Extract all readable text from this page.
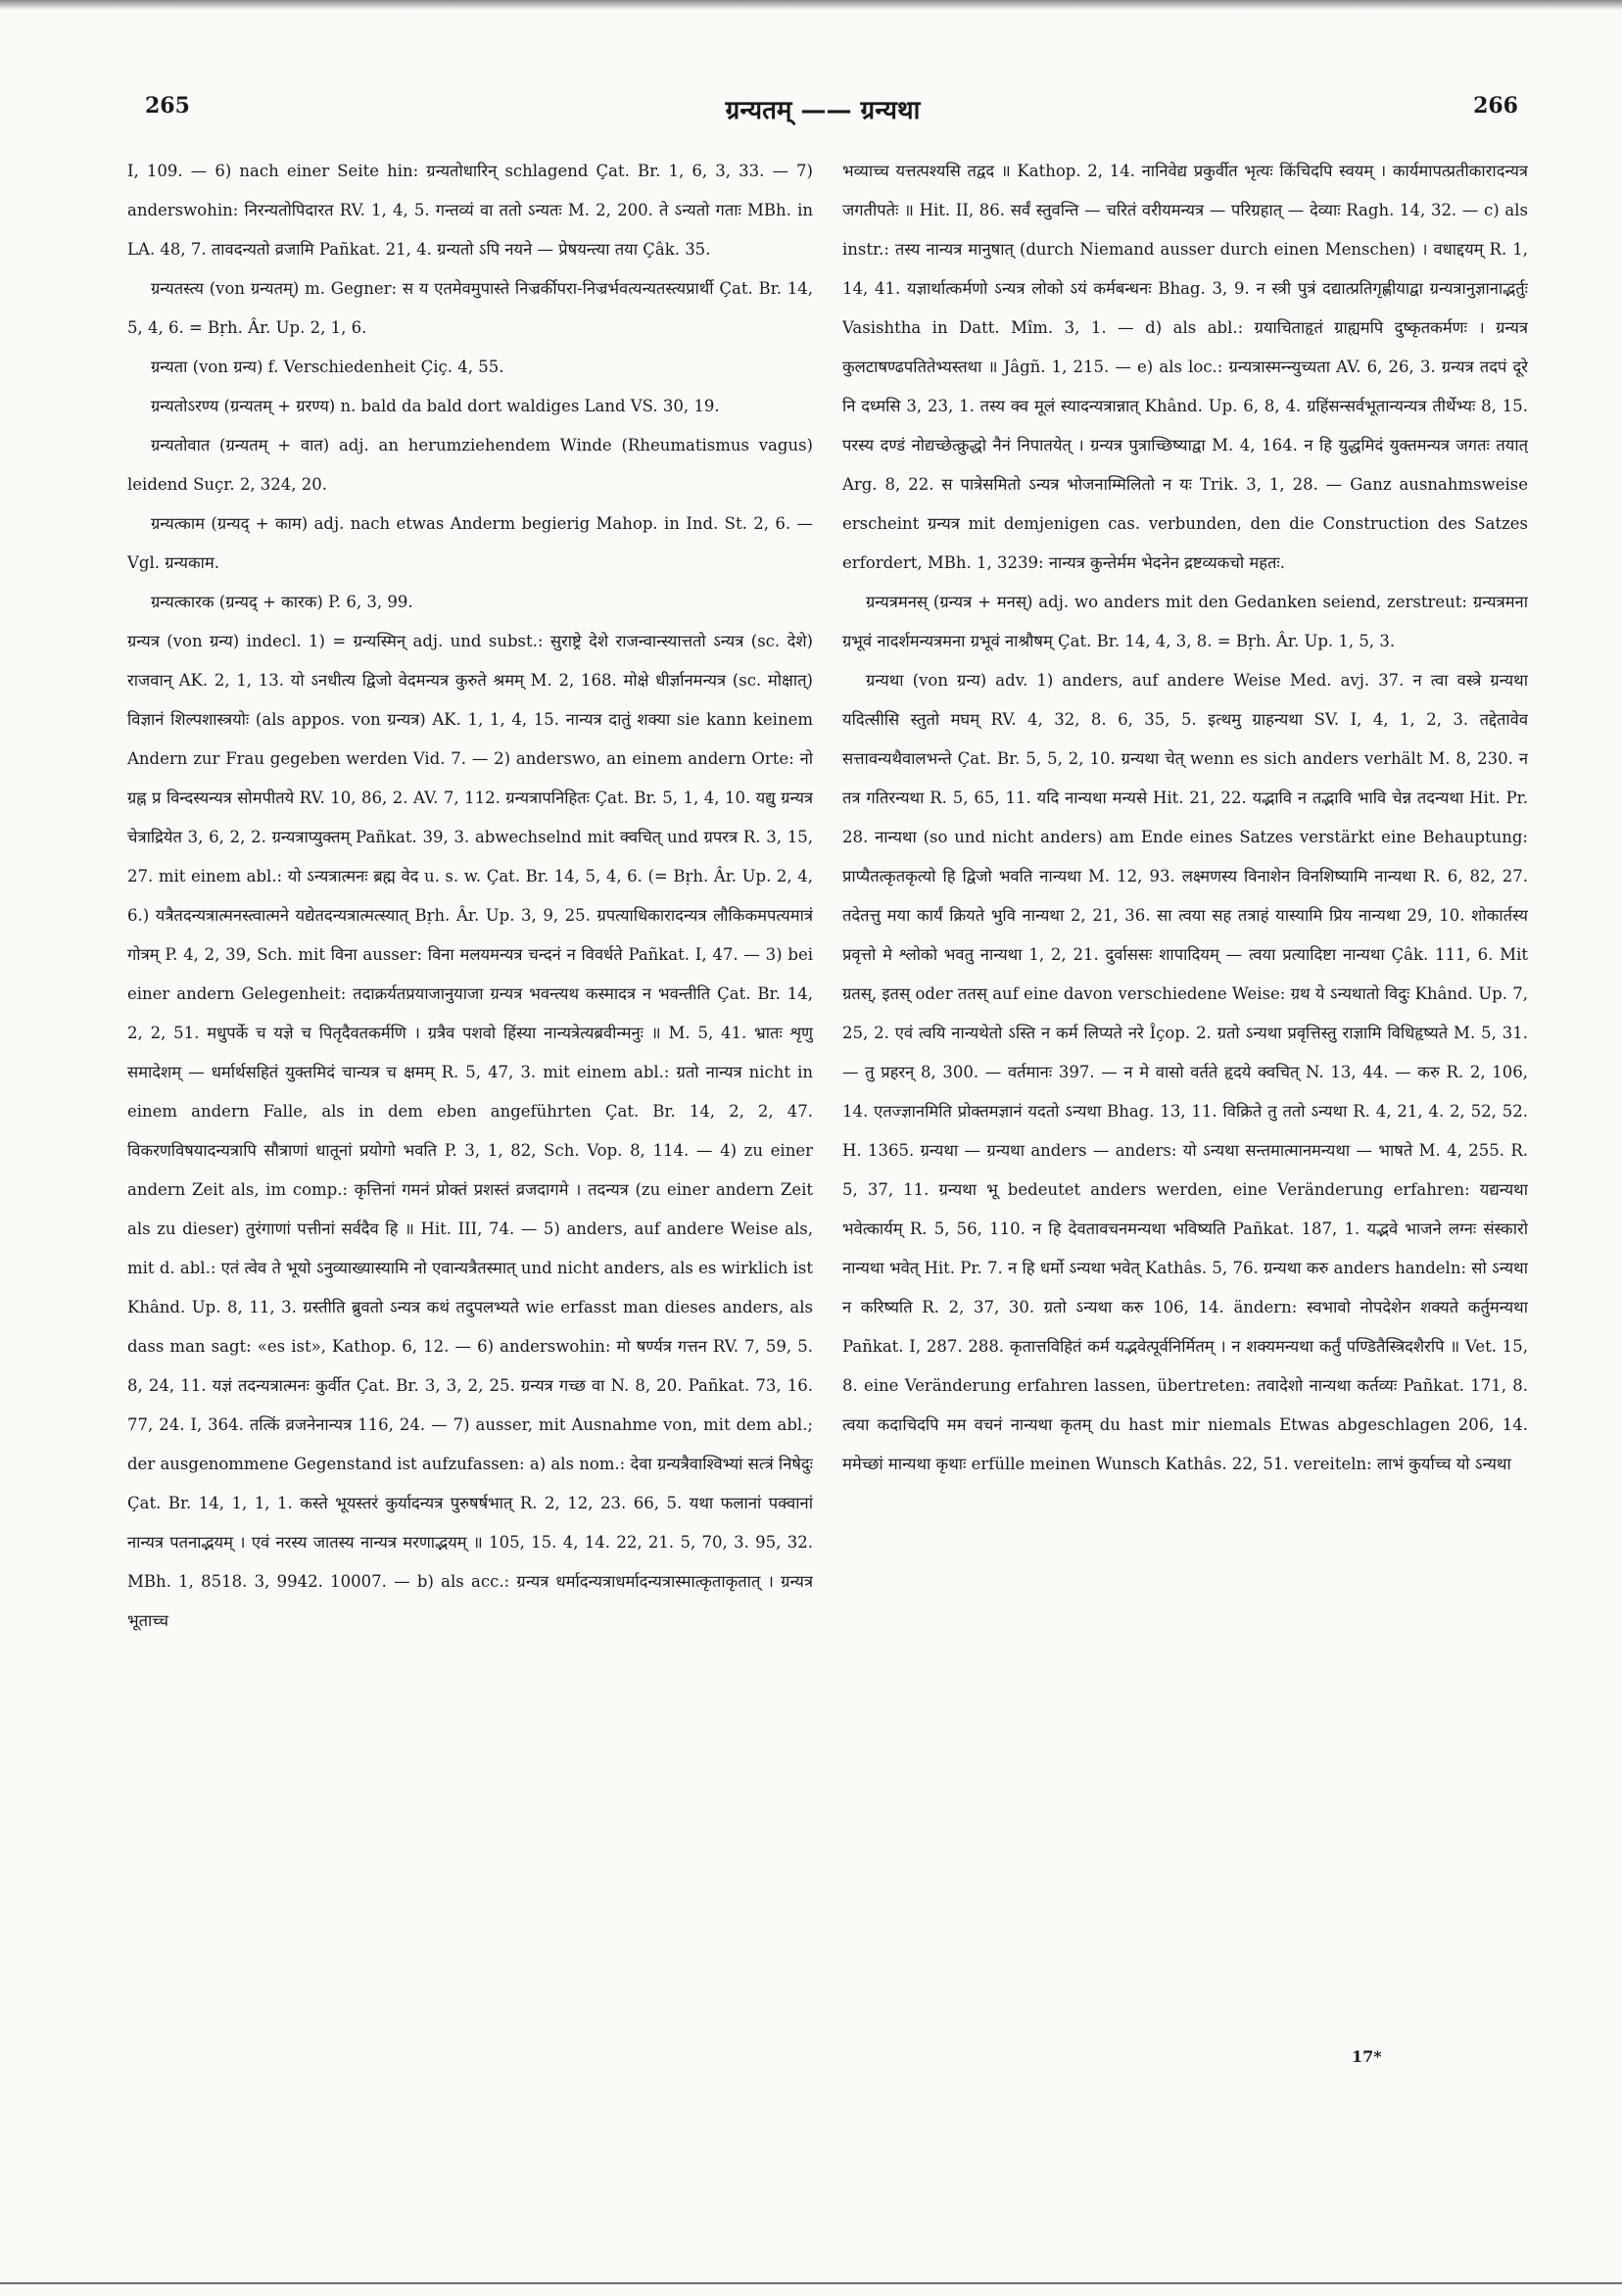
265	ग्रन्यतम् —— ग्रन्यथा	266

I, 109. — 6) nach einer Seite hin: ग्रन्यतोधारिन् schlagend Çat. Br. 1, 6, 3, 33. — 7) anderswohin: निरन्यतोपिदारत RV. 1, 4, 5. गन्तव्यं वा ततो ऽन्यतः M. 2, 200. ते ऽन्यतो गताः MBh. in LA. 48, 7. तावदन्यतो व्रजामि Pañkat. 21, 4. ग्रन्यतो ऽपि नयने — प्रेषयन्त्या तया Çâk. 35.

ग्रन्यतस्त्य (von ग्रन्यतम्) m. Gegner: स य एतमेवमुपास्ते निज्रर्कीपरा-निज्रर्भवत्यन्यतस्त्यप्रार्थी Çat. Br. 14, 5, 4, 6. = Bṛh. Âr. Up. 2, 1, 6.

ग्रन्यता (von ग्रन्य) f. Verschiedenheit Çiç. 4, 55.

ग्रन्यतोऽरण्य (ग्रन्यतम् + ग्ररण्य) n. bald da bald dort waldiges Land VS. 30, 19.

ग्रन्यतोवात (ग्रन्यतम् + वात) adj. an herumziehendem Winde (Rheumatismus vagus) leidend Suçr. 2, 324, 20.

ग्रन्यत्काम (ग्रन्यद् + काम) adj. nach etwas Anderm begierig Mahop. in Ind. St. 2, 6. — Vgl. ग्रन्यकाम.

ग्रन्यत्कारक (ग्रन्यद् + कारक) P. 6, 3, 99.

ग्रन्यत्र (von ग्रन्य) indecl. 1) = ग्रन्यस्मिन् adj. und subst.: सुराष्ट्रे देशे राजन्वान्स्यात्ततो ऽन्यत्र (sc. देशे) राजवान् AK. 2, 1, 13. यो ऽनधीत्य द्विजो वेदमन्यत्र कुरुते श्रमम् M. 2, 168. मोक्षे धीर्ज्ञानमन्यत्र (sc. मोक्षात्) विज्ञानं शिल्पशास्त्रयोः (als appos. von ग्रन्यत्र) AK. 1, 1, 4, 15. नान्यत्र दातुं शक्या sie kann keinem Andern zur Frau gegeben werden Vid. 7. — 2) anderswo, an einem andern Orte: नो ग्रह्न प्र विन्दस्यन्यत्र सोमपीतये RV. 10, 86, 2. AV. 7, 112. ग्रन्यत्रापनिहितः Çat. Br. 5, 1, 4, 10. यद्यु ग्रन्यत्र चेत्राद्रियेत 3, 6, 2, 2. ग्रन्यत्राप्युक्तम् Pañkat. 39, 3. abwechselnd mit क्वचित् und ग्रपरत्र R. 3, 15, 27. mit einem abl.: यो ऽन्यत्रात्मनः ब्रह्म वेद u. s. w. Çat. Br. 14, 5, 4, 6. (= Bṛh. Âr. Up. 2, 4, 6.) यत्रैतदन्यत्रात्मनस्त्वात्मने यद्येतदन्यत्रात्मत्स्यात् Bṛh. Âr. Up. 3, 9, 25. ग्रपत्याधिकारादन्यत्र लौकिकमपत्यमात्रं गोत्रम् P. 4, 2, 39, Sch. mit विना ausser: विना मलयमन्यत्र चन्दनं न विवर्धते Pañkat. I, 47. — 3) bei einer andern Gelegenheit: तदाक्रर्यतप्रयाजानुयाजा ग्रन्यत्र भवन्त्यथ कस्मादत्र न भवन्तीति Çat. Br. 14, 2, 2, 51. मधुपर्के च यज्ञे च पितृदैवतकर्मणि । ग्रत्रैव पशवो हिंस्या नान्यत्रेत्यब्रवीन्मनुः ॥ M. 5, 41. भ्रातः शृणु समादेशम् — धर्मार्थसहितं युक्तमिदं चान्यत्र च क्षमम् R. 5, 47, 3. mit einem abl.: ग्रतो नान्यत्र nicht in einem andern Falle, als in dem eben angeführten Çat. Br. 14, 2, 2, 47. विकरणविषयादन्यत्रापि सौत्राणां धातूनां प्रयोगो भवति P. 3, 1, 82, Sch. Vop. 8, 114. — 4) zu einer andern Zeit als, im comp.: कृत्तिनां गमनं प्रोक्तं प्रशस्तं व्रजदागमे । तदन्यत्र (zu einer andern Zeit als zu dieser) तुरंगाणां पत्तीनां सर्वदैव हि ॥ Hit. III, 74. — 5) anders, auf andere Weise als, mit d. abl.: एतं त्वेव ते भूयो ऽनुव्याख्यास्यामि नो एवान्यत्रैतस्मात् und nicht anders, als es wirklich ist Khând. Up. 8, 11, 3. ग्रस्तीति ब्रुवतो ऽन्यत्र कथं तदुपलभ्यते wie erfasst man dieses anders, als dass man sagt: «es ist», Kathop. 6, 12. — 6) anderswohin: मो षर्ण्यत्र गत्तन RV. 7, 59, 5. 8, 24, 11. यज्ञं तदन्यत्रात्मनः कुर्वीत Çat. Br. 3, 3, 2, 25. ग्रन्यत्र गच्छ वा N. 8, 20. Pañkat. 73, 16. 77, 24. I, 364. तत्किं व्रजनेनान्यत्र 116, 24. — 7) ausser, mit Ausnahme von, mit dem abl.; der ausgenommene Gegenstand ist aufzufassen: a) als nom.: देवा ग्रन्यत्रैवाश्विभ्यां सत्त्रं निषेदुः Çat. Br. 14, 1, 1, 1. कस्ते भूयस्तरं कुर्यादन्यत्र पुरुषर्षभात् R. 2, 12, 23. 66, 5. यथा फलानां पक्वानां नान्यत्र पतनाद्भयम् । एवं नरस्य जातस्य नान्यत्र मरणाद्भयम् ॥ 105, 15. 4, 14. 22, 21. 5, 70, 3. 95, 32. MBh. 1, 8518. 3, 9942. 10007. — b) als acc.: ग्रन्यत्र धर्मादन्यत्राधर्मादन्यत्रास्मात्कृताकृतात् । ग्रन्यत्र भूताच्च

भव्याच्च यत्तत्पश्यसि तद्वद ॥ Kathop. 2, 14. नानिवेद्य प्रकुर्वीत भृत्यः किंचिदपि स्वयम् । कार्यमापत्प्रतीकारादन्यत्र जगतीपतेः ॥ Hit. II, 86. सर्वं स्तुवन्ति — चरितं वरीयमन्यत्र — परिग्रहात् — देव्याः Ragh. 14, 32. — c) als instr.: तस्य नान्यत्र मानुषात् (durch Niemand ausser durch einen Menschen) । वधाद्दयम् R. 1, 14, 41. यज्ञार्थात्कर्मणो ऽन्यत्र लोको ऽयं कर्मबन्धनः Bhag. 3, 9. न स्त्री पुत्रं दद्यात्प्रतिगृह्णीयाद्वा ग्रन्यत्रानुज्ञानाद्भर्तुः Vasishtha in Datt. Mîm. 3, 1. — d) als abl.: ग्रयाचिताहृतं ग्राह्यमपि दुष्कृतकर्मणः । ग्रन्यत्र कुलटाषण्ढपतितेभ्यस्तथा ॥ Jâgñ. 1, 215. — e) als loc.: ग्रन्यत्रास्मन्न्युच्यता AV. 6, 26, 3. ग्रन्यत्र तदपं दूरे नि दध्मसि 3, 23, 1. तस्य क्व मूलं स्यादन्यत्रान्नात् Khând. Up. 6, 8, 4. ग्रहिंसन्सर्वभूतान्यन्यत्र तीर्थेभ्यः 8, 15. परस्य दण्डं नोद्यच्छेत्क्रुद्धो नैनं निपातयेत् । ग्रन्यत्र पुत्राच्छिष्याद्वा M. 4, 164. न हि युद्धमिदं युक्तमन्यत्र जगतः तयात् Arg. 8, 22. स पात्रेसमितो ऽन्यत्र भोजनाम्मिलितो न यः Trik. 3, 1, 28. — Ganz ausnahmsweise erscheint ग्रन्यत्र mit demjenigen cas. verbunden, den die Construction des Satzes erfordert, MBh. 1, 3239: नान्यत्र कुन्तेर्मम भेदनेन द्रष्टव्यकचो महतः.

ग्रन्यत्रमनस् (ग्रन्यत्र + मनस्) adj. wo anders mit den Gedanken seiend, zerstreut: ग्रन्यत्रमना ग्रभूवं नादर्शमन्यत्रमना ग्रभूवं नाश्रौषम् Çat. Br. 14, 4, 3, 8. = Bṛh. Âr. Up. 1, 5, 3.

ग्रन्यथा (von ग्रन्य) adv. 1) anders, auf andere Weise Med. avj. 37. न त्वा वस्त्रे ग्रन्यथा यदित्सीसि स्तुतो मघम् RV. 4, 32, 8. 6, 35, 5. इत्थमु ग्राहन्यथा SV. I, 4, 1, 2, 3. तद्देतावेव सत्तावन्यथैवालभन्ते Çat. Br. 5, 5, 2, 10. ग्रन्यथा चेत् wenn es sich anders verhält M. 8, 230. न तत्र गतिरन्यथा R. 5, 65, 11. यदि नान्यथा मन्यसे Hit. 21, 22. यद्भावि न तद्भावि भावि चेन्न तदन्यथा Hit. Pr. 28. नान्यथा (so und nicht anders) am Ende eines Satzes verstärkt eine Behauptung: प्राप्यैतत्कृतकृत्यो हि द्विजो भवति नान्यथा M. 12, 93. लक्ष्मणस्य विनाशेन विनशिष्यामि नान्यथा R. 6, 82, 27. तदेतत्तु मया कार्यं क्रियते भुवि नान्यथा 2, 21, 36. सा त्वया सह तत्राहं यास्यामि प्रिय नान्यथा 29, 10. शोकार्तस्य प्रवृत्तो मे श्लोको भवतु नान्यथा 1, 2, 21. दुर्वाससः शापादियम् — त्वया प्रत्यादिष्टा नान्यथा Çâk. 111, 6. Mit ग्रतस्, इतस् oder ततस् auf eine davon verschiedene Weise: ग्रथ ये ऽन्यथातो विदुः Khând. Up. 7, 25, 2. एवं त्वयि नान्यथेतो ऽस्ति न कर्म लिप्यते नरे Îçop. 2. ग्रतो ऽन्यथा प्रवृत्तिस्तु राज्ञामि विधिहृष्यते M. 5, 31. — तु प्रहरन् 8, 300. — वर्तमानः 397. — न मे वासो वर्तते हृदये क्वचित् N. 13, 44. — करु R. 2, 106, 14. एतज्ज्ञानमिति प्रोक्तमज्ञानं यदतो ऽन्यथा Bhag. 13, 11. विक्रिते तु ततो ऽन्यथा R. 4, 21, 4. 2, 52, 52. H. 1365. ग्रन्यथा — ग्रन्यथा anders — anders: यो ऽन्यथा सन्तमात्मानमन्यथा — भाषते M. 4, 255. R. 5, 37, 11. ग्रन्यथा भू bedeutet anders werden, eine Veränderung erfahren: यद्यन्यथा भवेत्कार्यम् R. 5, 56, 110. न हि देवतावचनमन्यथा भविष्यति Pañkat. 187, 1. यद्भवे भाजने लग्नः संस्कारो नान्यथा भवेत् Hit. Pr. 7. न हि धर्मो ऽन्यथा भवेत् Kathâs. 5, 76. ग्रन्यथा करु anders handeln: सो ऽन्यथा न करिष्यति R. 2, 37, 30. ग्रतो ऽन्यथा करु 106, 14. ändern: स्वभावो नोपदेशेन शक्यते कर्तुमन्यथा Pañkat. I, 287. 288. कृतात्तविहितं कर्म यद्भवेत्पूर्वनिर्मितम् । न शक्यमन्यथा कर्तुं पण्डितैस्त्रिदशैरपि ॥ Vet. 15, 8. eine Veränderung erfahren lassen, übertreten: तवादेशो नान्यथा कर्तव्यः Pañkat. 171, 8. त्वया कदाचिदपि मम वचनं नान्यथा कृतम् du hast mir niemals Etwas abgeschlagen 206, 14. ममेच्छां मान्यथा कृथाः erfülle meinen Wunsch Kathâs. 22, 51. vereiteln: लाभं कुर्याच्च यो ऽन्यथा

17*
